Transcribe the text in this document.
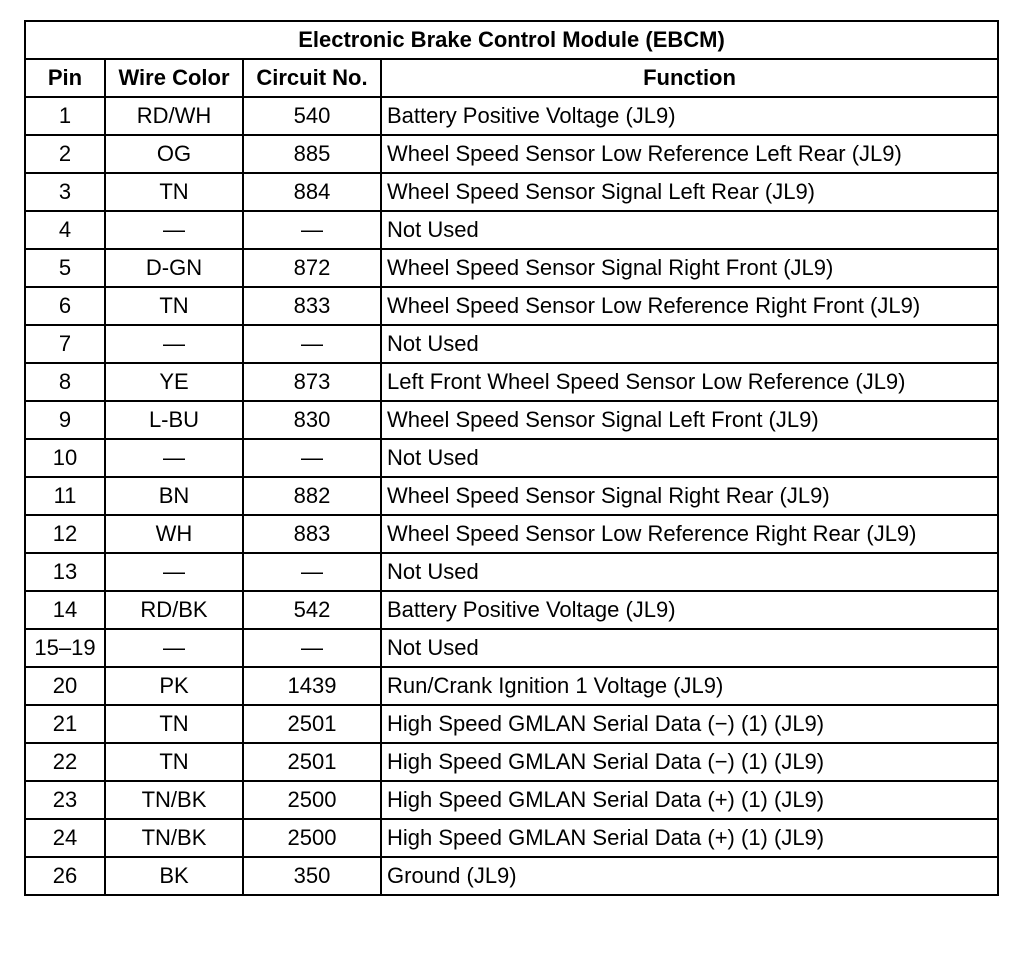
Electronic Brake Control Module (EBCM)			
Pin	Wire Color	Circuit No.	Function
1	RD/WH	540	Battery Positive Voltage (JL9)
2	OG	885	Wheel Speed Sensor Low Reference Left Rear (JL9)
3	TN	884	Wheel Speed Sensor Signal Left Rear (JL9)
4	—	—	Not Used
5	D-GN	872	Wheel Speed Sensor Signal Right Front (JL9)
6	TN	833	Wheel Speed Sensor Low Reference Right Front (JL9)
7	—	—	Not Used
8	YE	873	Left Front Wheel Speed Sensor Low Reference (JL9)
9	L-BU	830	Wheel Speed Sensor Signal Left Front (JL9)
10	—	—	Not Used
11	BN	882	Wheel Speed Sensor Signal Right Rear (JL9)
12	WH	883	Wheel Speed Sensor Low Reference Right Rear (JL9)
13	—	—	Not Used
14	RD/BK	542	Battery Positive Voltage (JL9)
15–19	—	—	Not Used
20	PK	1439	Run/Crank Ignition 1 Voltage (JL9)
21	TN	2501	High Speed GMLAN Serial Data (−) (1) (JL9)
22	TN	2501	High Speed GMLAN Serial Data (−) (1) (JL9)
23	TN/BK	2500	High Speed GMLAN Serial Data (+) (1) (JL9)
24	TN/BK	2500	High Speed GMLAN Serial Data (+) (1) (JL9)
26	BK	350	Ground (JL9)
